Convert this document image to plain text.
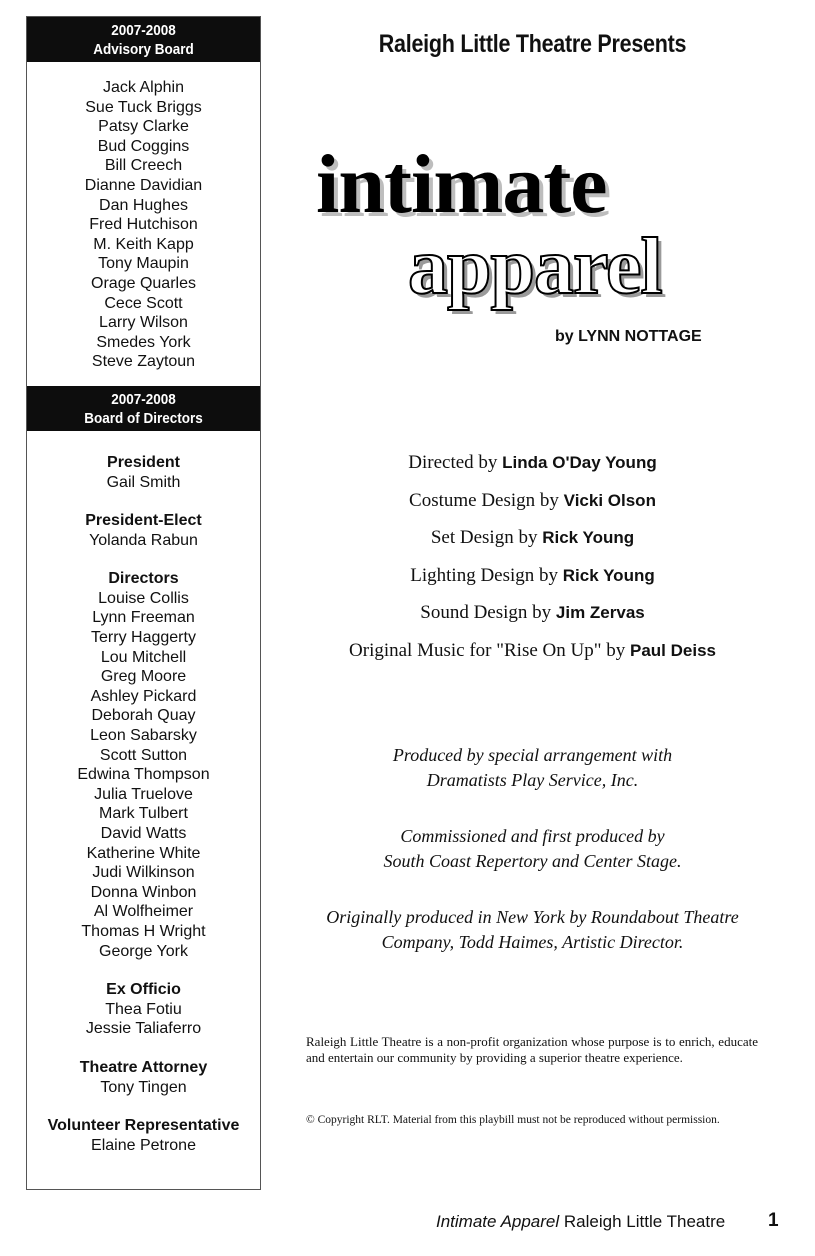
2007-2008
Advisory Board
Jack Alphin
Sue Tuck Briggs
Patsy Clarke
Bud Coggins
Bill Creech
Dianne Davidian
Dan Hughes
Fred Hutchison
M. Keith Kapp
Tony Maupin
Orage Quarles
Cece Scott
Larry Wilson
Smedes York
Steve Zaytoun
2007-2008
Board of Directors
President
Gail Smith
President-Elect
Yolanda Rabun
Directors
Louise Collis
Lynn Freeman
Terry Haggerty
Lou Mitchell
Greg Moore
Ashley Pickard
Deborah Quay
Leon Sabarsky
Scott Sutton
Edwina Thompson
Julia Truelove
Mark Tulbert
David Watts
Katherine White
Judi Wilkinson
Donna Winbon
Al Wolfheimer
Thomas H Wright
George York
Ex Officio
Thea Fotiu
Jessie Taliaferro
Theatre Attorney
Tony Tingen
Volunteer Representative
Elaine Petrone
Raleigh Little Theatre Presents
intimate
apparel
by LYNN NOTTAGE
Directed by Linda O'Day Young
Costume Design by Vicki Olson
Set Design by Rick Young
Lighting Design by Rick Young
Sound Design by Jim Zervas
Original Music for "Rise On Up" by Paul Deiss
Produced by special arrangement with
Dramatists Play Service, Inc.
Commissioned and first produced by
South Coast Repertory and Center Stage.
Originally produced in New York by Roundabout Theatre
Company, Todd Haimes, Artistic Director.

Raleigh Little Theatre is a non-profit organization whose purpose is to enrich, educate and entertain our community by providing a superior theatre experience.

© Copyright RLT. Material from this playbill must not be reproduced without permission.

Intimate Apparel Raleigh Little Theatre 1
